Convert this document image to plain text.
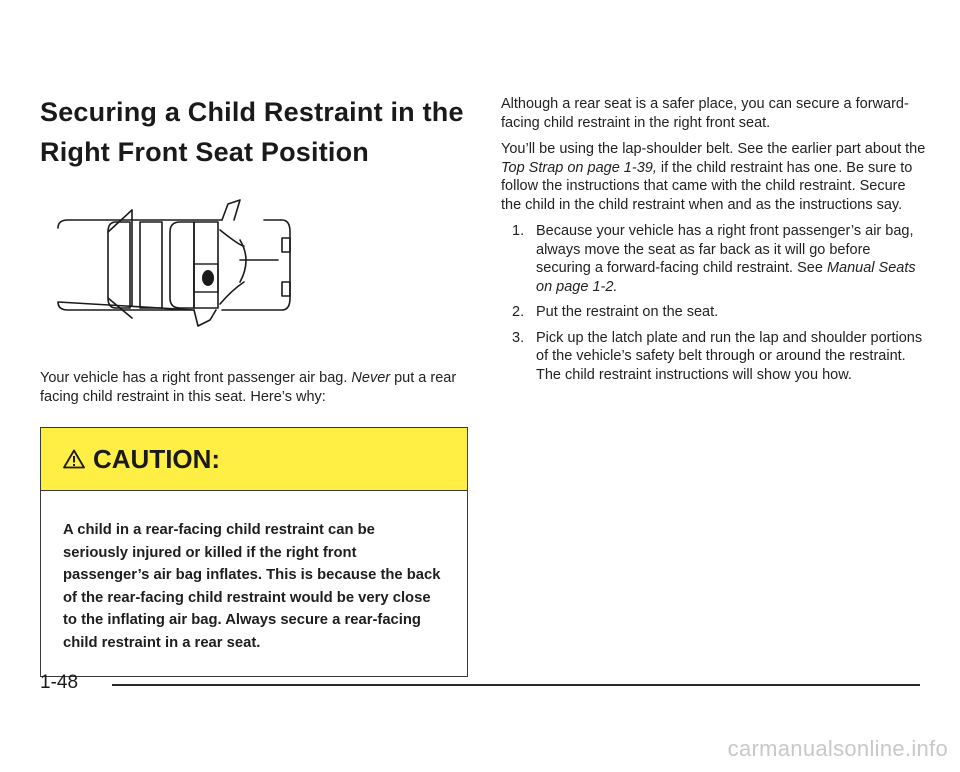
Securing a Child Restraint in the
Right Front Seat Position

Your vehicle has a right front passenger air bag. Never put a rear facing child restraint in this seat. Here’s why:

CAUTION:
A child in a rear-facing child restraint can be seriously injured or killed if the right front passenger’s air bag inflates. This is because the back of the rear-facing child restraint would be very close to the inflating air bag. Always secure a rear-facing child restraint in a rear seat.

Although a rear seat is a safer place, you can secure a forward-facing child restraint in the right front seat.

You’ll be using the lap-shoulder belt. See the earlier part about the Top Strap on page 1-39, if the child restraint has one. Be sure to follow the instructions that came with the child restraint. Secure the child in the child restraint when and as the instructions say.

1. Because your vehicle has a right front passenger’s air bag, always move the seat as far back as it will go before securing a forward-facing child restraint. See Manual Seats on page 1-2.
2. Put the restraint on the seat.
3. Pick up the latch plate and run the lap and shoulder portions of the vehicle’s safety belt through or around the restraint. The child restraint instructions will show you how.
1-48
carmanualsonline.info
